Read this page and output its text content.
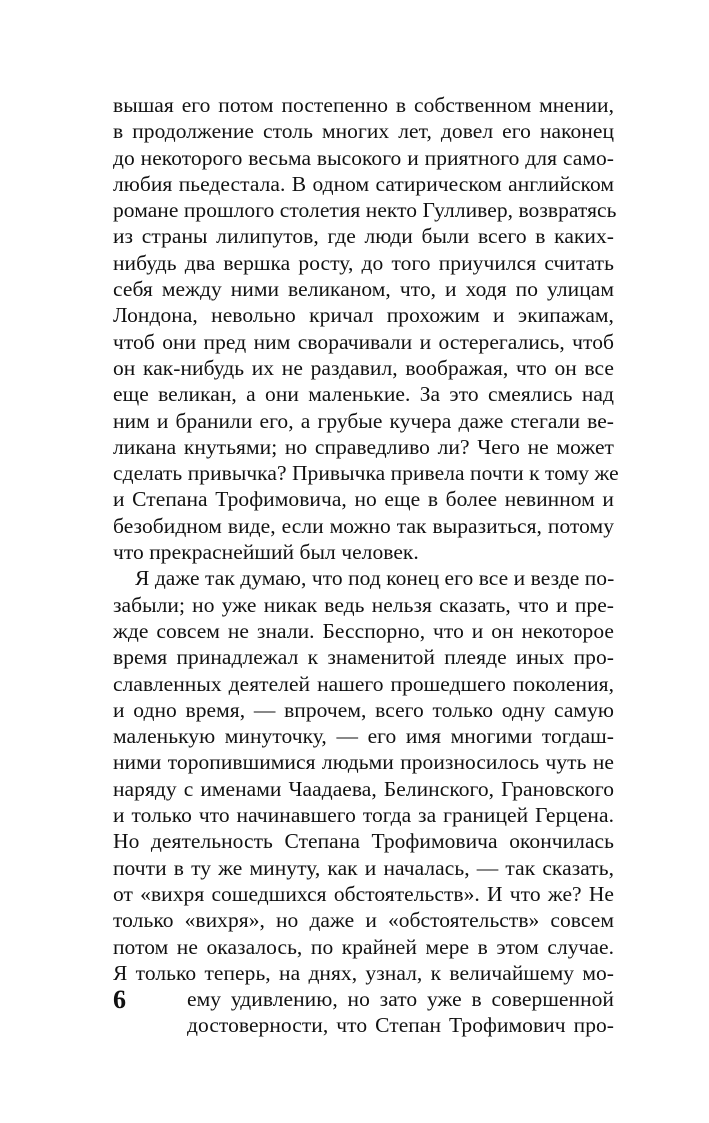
вышая его потом постепенно в собственном мнении,
в продолжение столь многих лет, довел его наконец
до некоторого весьма высокого и приятного для само-
любия пьедестала. В одном сатирическом английском
романе прошлого столетия некто Гулливер, возвратясь
из страны лилипутов, где люди были всего в каких-
нибудь два вершка росту, до того приучился считать
себя между ними великаном, что, и ходя по улицам
Лондона, невольно кричал прохожим и экипажам,
чтоб они пред ним сворачивали и остерегались, чтоб
он как-нибудь их не раздавил, воображая, что он все
еще великан, а они маленькие. За это смеялись над
ним и бранили его, а грубые кучера даже стегали ве-
ликана кнутьями; но справедливо ли? Чего не может
сделать привычка? Привычка привела почти к тому же
и Степана Трофимовича, но еще в более невинном и
безобидном виде, если можно так выразиться, потому
что прекраснейший был человек.
Я даже так думаю, что под конец его все и везде по-
забыли; но уже никак ведь нельзя сказать, что и пре-
жде совсем не знали. Бесспорно, что и он некоторое
время принадлежал к знаменитой плеяде иных про-
славленных деятелей нашего прошедшего поколения,
и одно время, — впрочем, всего только одну самую
маленькую минуточку, — его имя многими тогдаш-
ними торопившимися людьми произносилось чуть не
наряду с именами Чаадаева, Белинского, Грановского
и только что начинавшего тогда за границей Герцена.
Но деятельность Степана Трофимовича окончилась
почти в ту же минуту, как и началась, — так сказать,
от «вихря сошедшихся обстоятельств». И что же? Не
только «вихря», но даже и «обстоятельств» совсем
потом не оказалось, по крайней мере в этом случае.
Я только теперь, на днях, узнал, к величайшему мо-
ему удивлению, но зато уже в совершенной
достоверности, что Степан Трофимович про-
6
